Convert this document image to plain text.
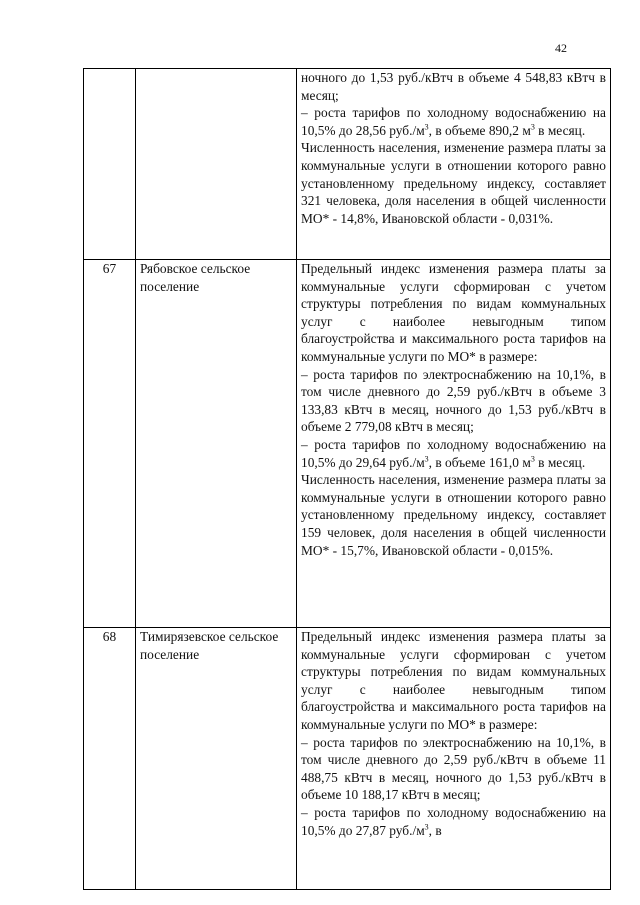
42

		ночного до 1,53 руб./кВтч в объеме 4 548,83 кВтч в месяц;
– роста тарифов по холодному водоснабжению на 10,5% до 28,56 $руб./м^3$, в объеме 890,2 $м^3$ в месяц.
Численность населения, изменение размера платы за коммунальные услуги в отношении которого равно установленному предельному индексу, составляет 321 человека, доля населения в общей численности МО* - 14,8%, Ивановской области - 0,031%.

67	Рябовское сельское поселение	Предельный индекс изменения размера платы за коммунальные услуги сформирован с учетом структуры потребления по видам коммунальных услуг с наиболее невыгодным типом благоустройства и максимального роста тарифов на коммунальные услуги по МО* в размере:
– роста тарифов по электроснабжению на 10,1%, в том числе дневного до 2,59 руб./кВтч в объеме 3 133,83 кВтч в месяц, ночного до 1,53 руб./кВтч в объеме 2 779,08 кВтч в месяц;
– роста тарифов по холодному водоснабжению на 10,5% до 29,64 $руб./м^3$, в объеме 161,0 $м^3$ в месяц.
Численность населения, изменение размера платы за коммунальные услуги в отношении которого равно установленному предельному индексу, составляет 159 человек, доля населения в общей численности МО* - 15,7%, Ивановской области - 0,015%.

68	Тимирязевское сельское поселение	Предельный индекс изменения размера платы за коммунальные услуги сформирован с учетом структуры потребления по видам коммунальных услуг с наиболее невыгодным типом благоустройства и максимального роста тарифов на коммунальные услуги по МО* в размере:
– роста тарифов по электроснабжению на 10,1%, в том числе дневного до 2,59 руб./кВтч в объеме 11 488,75 кВтч в месяц, ночного до 1,53 руб./кВтч в объеме 10 188,17 кВтч в месяц;
– роста тарифов по холодному водоснабжению на 10,5% до 27,87 $руб./м^3$, в
